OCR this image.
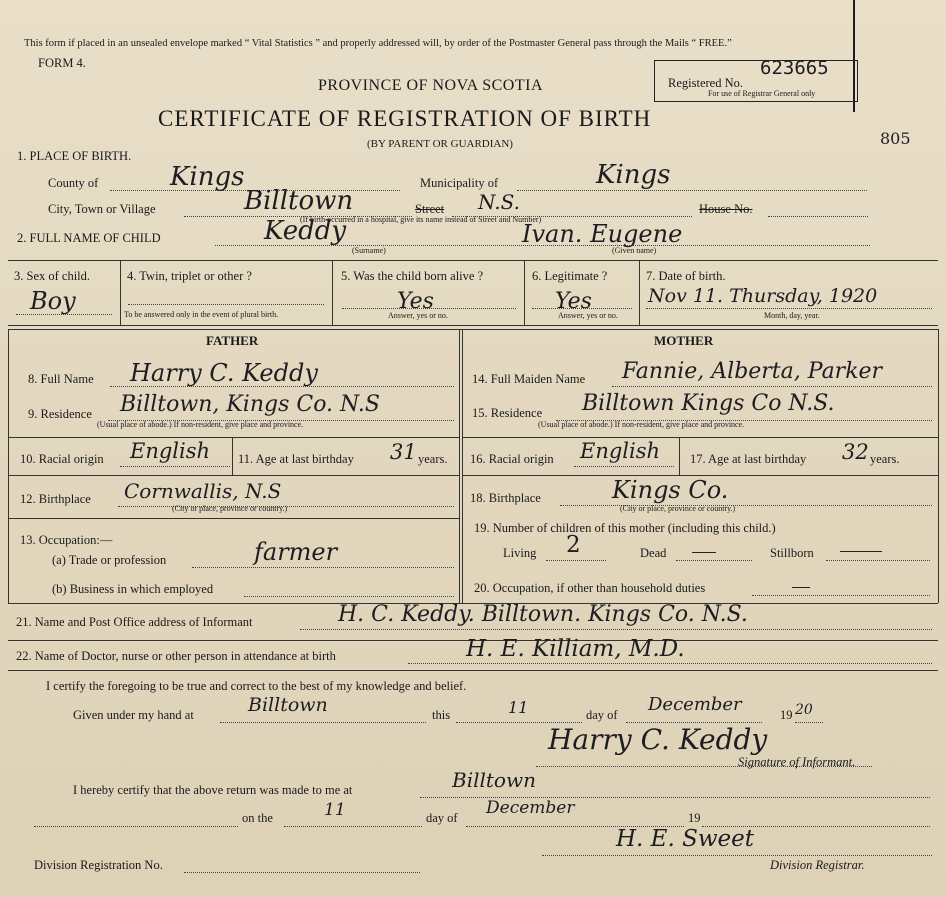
This form if placed in an unsealed envelope marked “ Vital Statistics ” and properly addressed will, by order of the Postmaster General pass through the Mails “ FREE.”
FORM 4.
PROVINCE OF NOVA SCOTIA
CERTIFICATE OF REGISTRATION OF BIRTH
(BY PARENT OR GUARDIAN)
Registered No.
623665
For use of Registrar General only
805
1. PLACE OF BIRTH.
County of	Kings	Municipality of	Kings
City, Town or Village	Billtown	Street N.S.	House No.
(If birth occurred in a hospital, give its name instead of Street and Number)
2. FULL NAME OF CHILD	Keddy	Ivan. Eugene
(Surname)	(Given name)
3. Sex of child.
Boy
4. Twin, triplet or other ?
To be answered only in the event of plural birth.
5. Was the child born alive ?
Yes
Answer, yes or no.
6. Legitimate ?
Yes
Answer, yes or no.
7. Date of birth.
Nov 11. Thursday, 1920
Month, day, year.
FATHER	MOTHER
8. Full Name Harry C. Keddy
9. Residence Billtown, Kings Co. N.S
(Usual place of abode.) If non-resident, give place and province.
10. Racial origin English 11. Age at last birthday 31 years.
12. Birthplace Cornwallis, N.S
(City or place, province or country.)
13. Occupation:—
(a) Trade or profession	farmer
(b) Business in which employed
14. Full Maiden Name Fannie, Alberta, Parker
15. Residence Billtown Kings Co N.S.
(Usual place of abode.) If non-resident, give place and province.
16. Racial origin English 17. Age at last birthday 32 years.
18. Birthplace	Kings Co.
(City or place, province or country.)
19. Number of children of this mother (including this child.)
Living 2	Dead	Stillborn
20. Occupation, if other than household duties
21. Name and Post Office address of Informant	H. C. Keddy. Billtown. Kings Co. N.S.
22. Name of Doctor, nurse or other person in attendance at birth	H. E. Killiam, M.D.
I certify the foregoing to be true and correct to the best of my knowledge and belief.
Given under my hand at	Billtown	this	11	day of December	19 20
Harry C. Keddy
Signature of Informant.
I hereby certify that the above return was made to me at	Billtown
on the	11	day of December	19
H. E. Sweet
Division Registration No.	Division Registrar.
